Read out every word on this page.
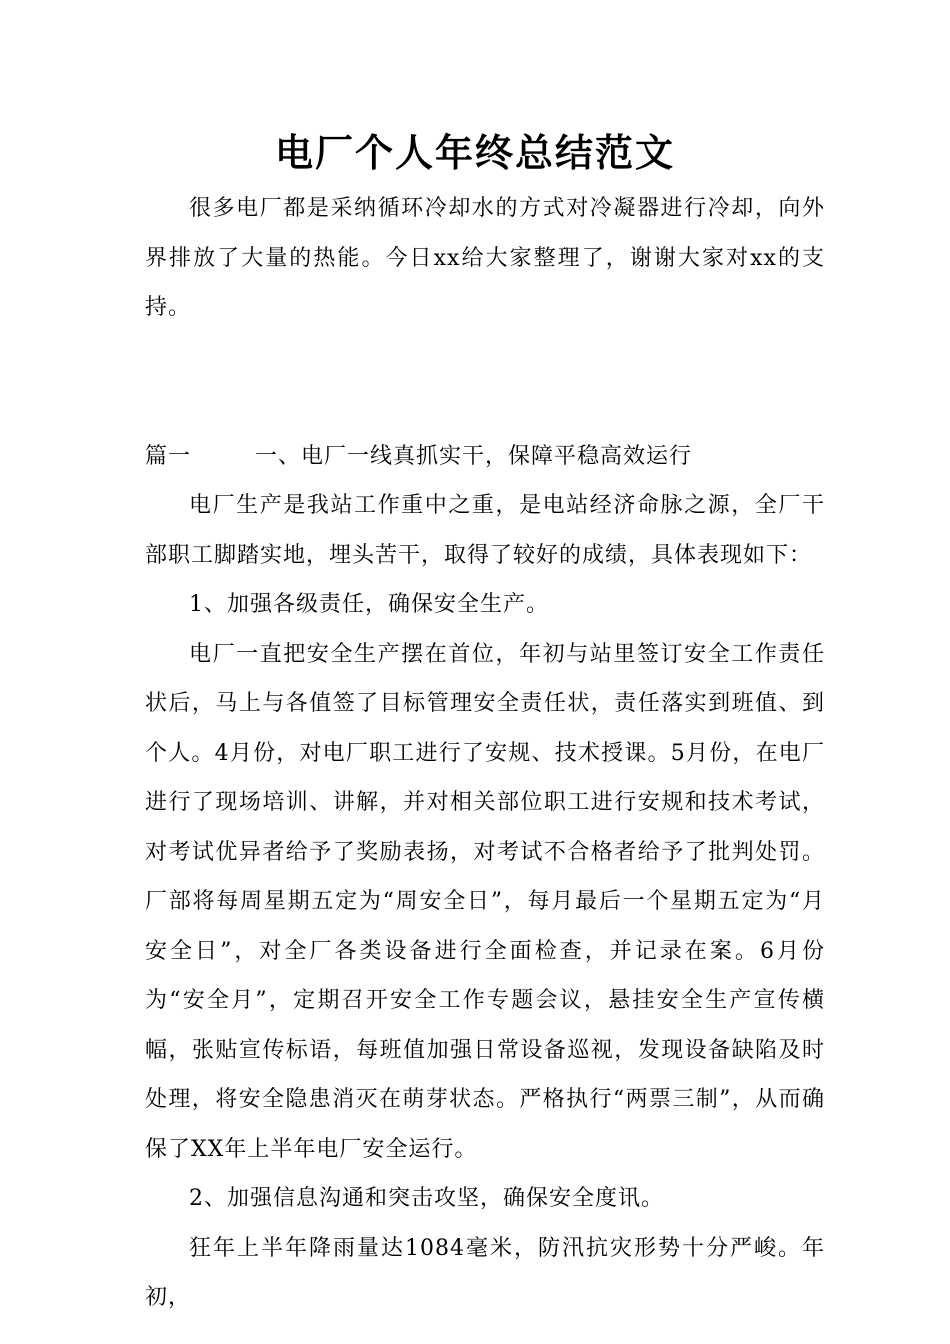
电厂个人年终总结范文

很多电厂都是采纳循环冷却水的方式对冷凝器进行冷却，向外界排放了大量的热能。今日xx给大家整理了，谢谢大家对xx的支持。

篇一	一、电厂一线真抓实干，保障平稳高效运行

电厂生产是我站工作重中之重，是电站经济命脉之源，全厂干部职工脚踏实地，埋头苦干，取得了较好的成绩，具体表现如下：

1、加强各级责任，确保安全生产。

电厂一直把安全生产摆在首位，年初与站里签订安全工作责任状后，马上与各值签了目标管理安全责任状，责任落实到班值、到个人。4月份，对电厂职工进行了安规、技术授课。5月份，在电厂进行了现场培训、讲解，并对相关部位职工进行安规和技术考试，对考试优异者给予了奖励表扬，对考试不合格者给予了批判处罚。厂部将每周星期五定为“周安全日”，每月最后一个星期五定为“月安全日”，对全厂各类设备进行全面检查，并记录在案。6月份为“安全月”，定期召开安全工作专题会议，悬挂安全生产宣传横幅，张贴宣传标语，每班值加强日常设备巡视，发现设备缺陷及时处理，将安全隐患消灭在萌芽状态。严格执行“两票三制”，从而确保了XX年上半年电厂安全运行。

2、加强信息沟通和突击攻坚，确保安全度讯。

狂年上半年降雨量达1084毫米，防汛抗灾形势十分严峻。年初，
